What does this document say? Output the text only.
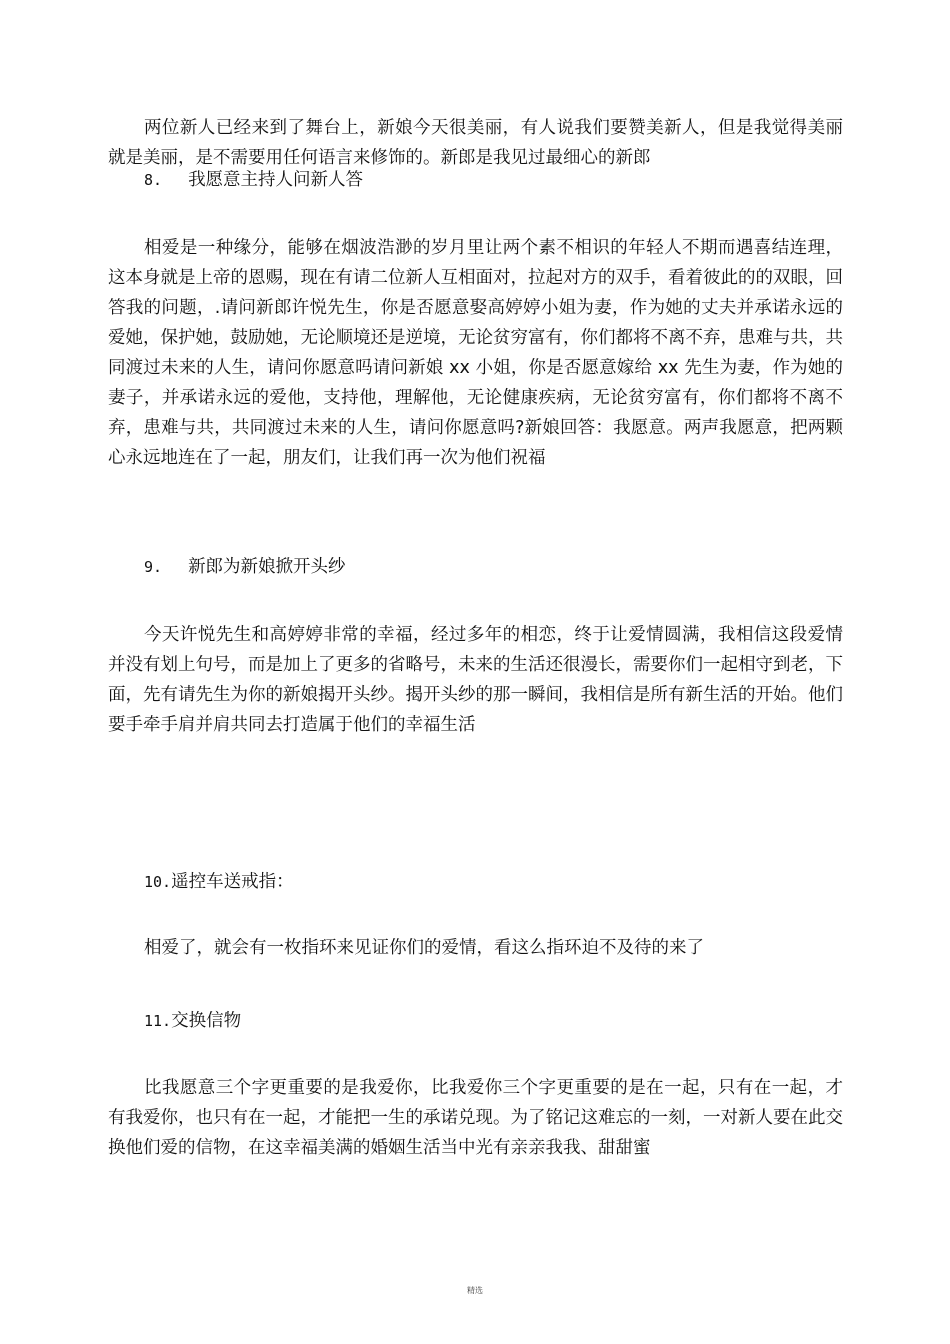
两位新人已经来到了舞台上，新娘今天很美丽，有人说我们要赞美新人，但是我觉得美丽就是美丽，是不需要用任何语言来修饰的。新郎是我见过最细心的新郎
8. 我愿意主持人问新人答
相爱是一种缘分，能够在烟波浩渺的岁月里让两个素不相识的年轻人不期而遇喜结连理，这本身就是上帝的恩赐，现在有请二位新人互相面对，拉起对方的双手，看着彼此的的双眼，回答我的问题，.请问新郎许悦先生，你是否愿意娶高婷婷小姐为妻，作为她的丈夫并承诺永远的爱她，保护她，鼓励她，无论顺境还是逆境，无论贫穷富有，你们都将不离不弃，患难与共，共同渡过未来的人生，请问你愿意吗请问新娘 xx 小姐，你是否愿意嫁给 xx 先生为妻，作为她的妻子，并承诺永远的爱他，支持他，理解他，无论健康疾病，无论贫穷富有，你们都将不离不弃，患难与共，共同渡过未来的人生，请问你愿意吗?新娘回答：我愿意。两声我愿意，把两颗心永远地连在了一起，朋友们，让我们再一次为他们祝福
9. 新郎为新娘掀开头纱
今天许悦先生和高婷婷非常的幸福，经过多年的相恋，终于让爱情圆满，我相信这段爱情并没有划上句号，而是加上了更多的省略号，未来的生活还很漫长，需要你们一起相守到老，下面，先有请先生为你的新娘揭开头纱。揭开头纱的那一瞬间，我相信是所有新生活的开始。他们要手牵手肩并肩共同去打造属于他们的幸福生活
10.遥控车送戒指：
相爱了，就会有一枚指环来见证你们的爱情，看这么指环迫不及待的来了
11.交换信物
比我愿意三个字更重要的是我爱你，比我爱你三个字更重要的是在一起，只有在一起，才有我爱你，也只有在一起，才能把一生的承诺兑现。为了铭记这难忘的一刻，一对新人要在此交换他们爱的信物，在这幸福美满的婚姻生活当中光有亲亲我我、甜甜蜜
精选
